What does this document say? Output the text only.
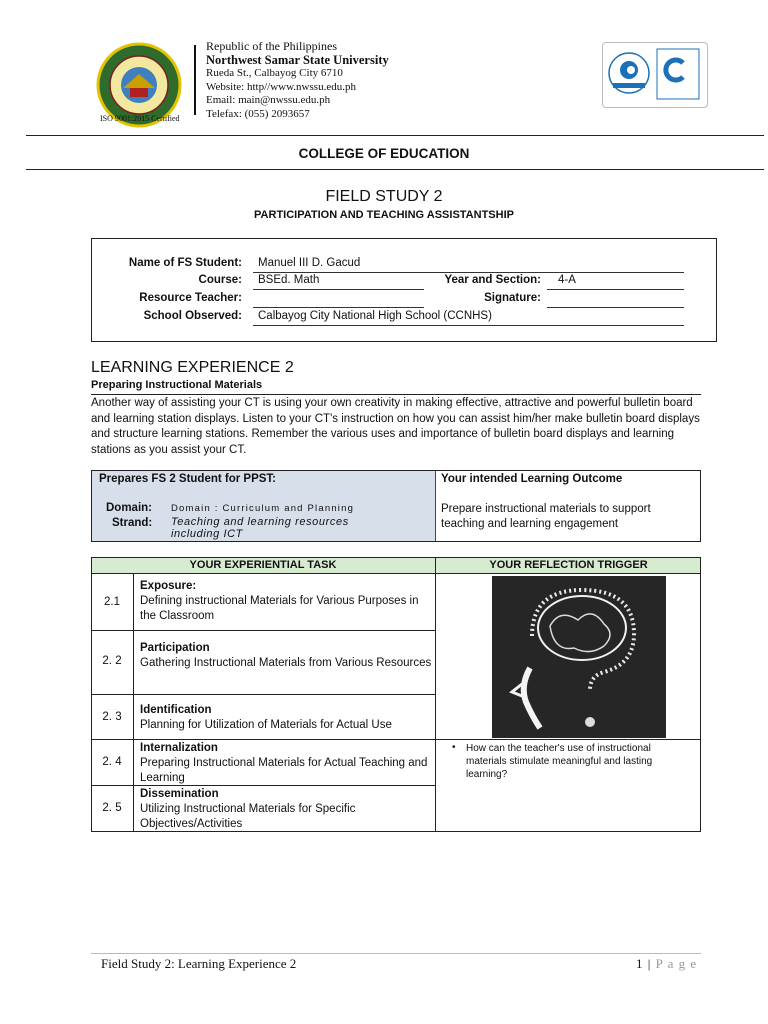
ISO 9001:2015 Certified
Republic of the Philippines
Northwest Samar State University
Rueda St., Calbayog City 6710
Website: http//www.nwssu.edu.ph
Email: main@nwssu.edu.ph
Telefax: (055) 2093657
COLLEGE OF EDUCATION
FIELD STUDY 2
PARTICIPATION AND TEACHING ASSISTANTSHIP
Name of FS Student: Manuel III D. Gacud
Course: BSEd. Math	Year and Section: 4-A
Resource Teacher:	Signature:
School Observed: Calbayog City National High School (CCNHS)
LEARNING EXPERIENCE 2
Preparing Instructional Materials
Another way of assisting your CT is using your own creativity in making effective, attractive and powerful bulletin board and learning station displays. Listen to your CT's instruction on how you can assist him/her make bulletin board displays and structure learning stations. Remember the various uses and importance of bulletin board displays and learning stations as you assist your CT.
Prepares FS 2 Student for PPST:
Domain: Domain : Curriculum and Planning
Strand: Teaching and learning resources including ICT
Your intended Learning Outcome
Prepare instructional materials to support teaching and learning engagement
YOUR EXPERIENTIAL TASK	YOUR REFLECTION TRIGGER
2.1
Exposure:
Defining instructional Materials for Various Purposes in the Classroom
2. 2
Participation
Gathering Instructional Materials from Various Resources
2. 3
Identification
Planning for Utilization of Materials for Actual Use
2. 4
Internalization
Preparing Instructional Materials for Actual Teaching and Learning
2. 5
Dissemination
Utilizing Instructional Materials for Specific Objectives/Activities
• How can the teacher's use of instructional materials stimulate meaningful and lasting learning?
Field Study 2: Learning Experience 2	1 | P a g e
